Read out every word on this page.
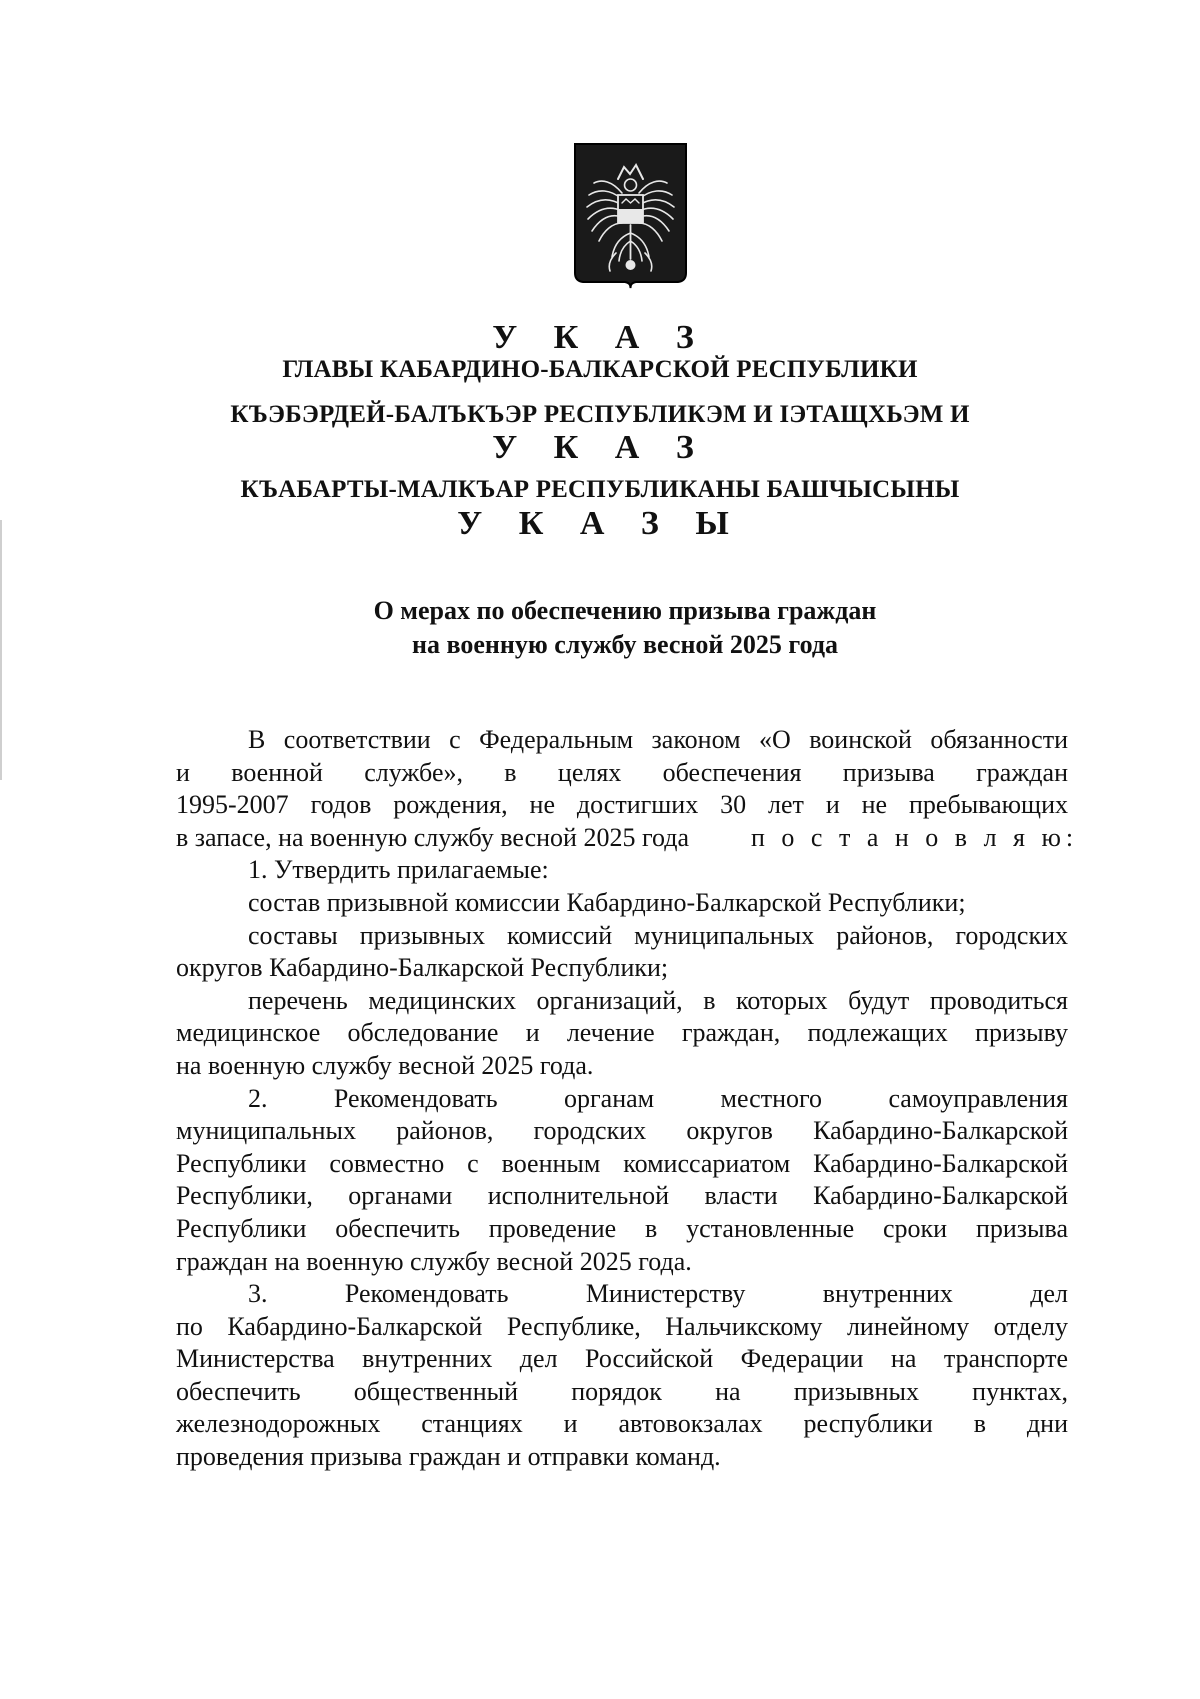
У К А З
ГЛАВЫ КАБАРДИНО-БАЛКАРСКОЙ РЕСПУБЛИКИ
КЪЭБЭРДЕЙ-БАЛЪКЪЭР РЕСПУБЛИКЭМ И IЭТАЩХЬЭМ И
У К А З
КЪАБАРТЫ-МАЛКЪАР РЕСПУБЛИКАНЫ БАШЧЫСЫНЫ
У К А З Ы
О мерах по обеспечению призыва граждан
на военную службу весной 2025 года
В соответствии с Федеральным законом «О воинской обязанности
и военной службе», в целях обеспечения призыва граждан
1995-2007 годов рождения, не достигших 30 лет и не пребывающих
в запасе, на военную службу весной 2025 года п о с т а н о в л я ю:
1. Утвердить прилагаемые:
состав призывной комиссии Кабардино-Балкарской Республики;
составы призывных комиссий муниципальных районов, городских
округов Кабардино-Балкарской Республики;
перечень медицинских организаций, в которых будут проводиться
медицинское обследование и лечение граждан, подлежащих призыву
на военную службу весной 2025 года.
2. Рекомендовать органам местного самоуправления
муниципальных районов, городских округов Кабардино-Балкарской
Республики совместно с военным комиссариатом Кабардино-Балкарской
Республики, органами исполнительной власти Кабардино-Балкарской
Республики обеспечить проведение в установленные сроки призыва
граждан на военную службу весной 2025 года.
3. Рекомендовать Министерству внутренних дел
по Кабардино-Балкарской Республике, Нальчикскому линейному отделу
Министерства внутренних дел Российской Федерации на транспорте
обеспечить общественный порядок на призывных пунктах,
железнодорожных станциях и автовокзалах республики в дни
проведения призыва граждан и отправки команд.
